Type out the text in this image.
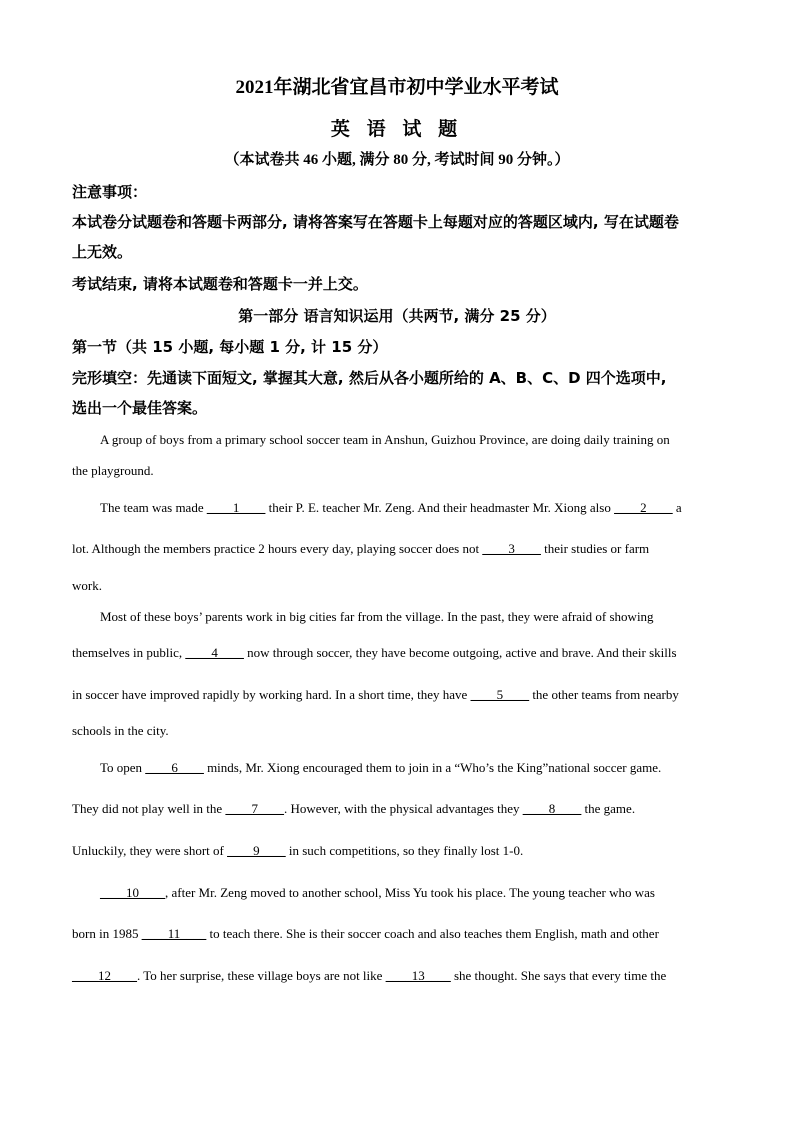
2021年湖北省宜昌市初中学业水平考试
英 语 试 题
（本试卷共 46 小题, 满分 80 分, 考试时间 90 分钟。）
注意事项：
本试卷分试题卷和答题卡两部分, 请将答案写在答题卡上每题对应的答题区域内, 写在试题卷
上无效。
考试结束, 请将本试题卷和答题卡一并上交。
第一部分 语言知识运用（共两节, 满分 25 分）
第一节（共 15 小题, 每小题 1 分, 计 15 分）
完形填空：先通读下面短文, 掌握其大意, 然后从各小题所给的 A、B、C、D 四个选项中,
选出一个最佳答案。
A group of boys from a primary school soccer team in Anshun, Guizhou Province, are doing daily training on
the playground.
The team was made ____1____ their P. E. teacher Mr. Zeng. And their headmaster Mr. Xiong also ____2____ a
lot. Although the members practice 2 hours every day, playing soccer does not ____3____ their studies or farm
work.
Most of these boys’ parents work in big cities far from the village. In the past, they were afraid of showing
themselves in public, ____4____ now through soccer, they have become outgoing, active and brave. And their skills
in soccer have improved rapidly by working hard. In a short time, they have ____5____ the other teams from nearby
schools in the city.
To open ____6____ minds, Mr. Xiong encouraged them to join in a “Who’s the King”national soccer game.
They did not play well in the ____7____. However, with the physical advantages they ____8____ the game.
Unluckily, they were short of ____9____ in such competitions, so they finally lost 1-0.
____10____, after Mr. Zeng moved to another school, Miss Yu took his place. The young teacher who was
born in 1985 ____11____ to teach there. She is their soccer coach and also teaches them English, math and other
____12____. To her surprise, these village boys are not like ____13____ she thought. She says that every time the
